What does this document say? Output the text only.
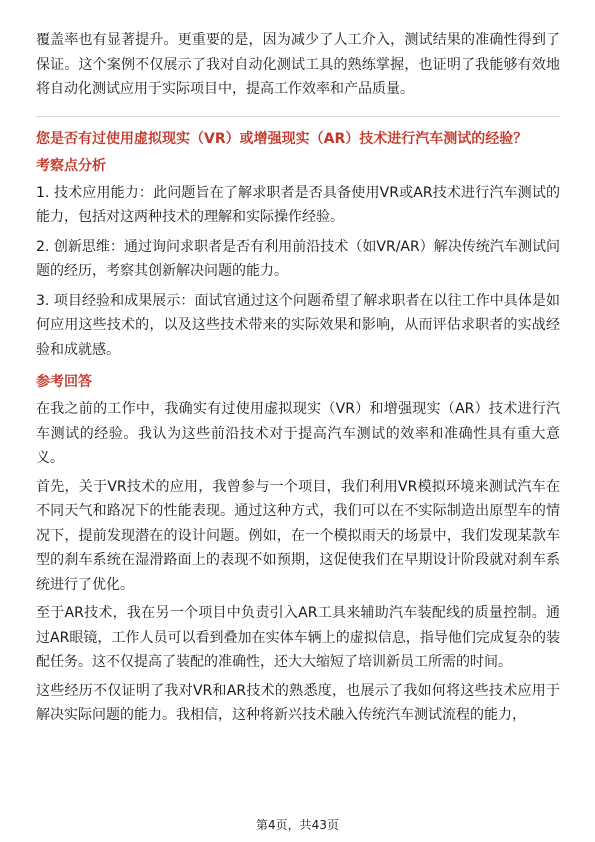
覆盖率也有显著提升。更重要的是，因为减少了人工介入，测试结果的准确性得到了保证。这个案例不仅展示了我对自动化测试工具的熟练掌握，也证明了我能够有效地将自动化测试应用于实际项目中，提高工作效率和产品质量。

您是否有过使用虚拟现实（VR）或增强现实（AR）技术进行汽车测试的经验？

考察点分析

1. 技术应用能力：此问题旨在了解求职者是否具备使用VR或AR技术进行汽车测试的能力，包括对这两种技术的理解和实际操作经验。

2. 创新思维：通过询问求职者是否有利用前沿技术（如VR/AR）解决传统汽车测试问题的经历，考察其创新解决问题的能力。

3. 项目经验和成果展示：面试官通过这个问题希望了解求职者在以往工作中具体是如何应用这些技术的，以及这些技术带来的实际效果和影响，从而评估求职者的实战经验和成就感。

参考回答

在我之前的工作中，我确实有过使用虚拟现实（VR）和增强现实（AR）技术进行汽车测试的经验。我认为这些前沿技术对于提高汽车测试的效率和准确性具有重大意义。

首先，关于VR技术的应用，我曾参与一个项目，我们利用VR模拟环境来测试汽车在不同天气和路况下的性能表现。通过这种方式，我们可以在不实际制造出原型车的情况下，提前发现潜在的设计问题。例如，在一个模拟雨天的场景中，我们发现某款车型的刹车系统在湿滑路面上的表现不如预期，这促使我们在早期设计阶段就对刹车系统进行了优化。

至于AR技术，我在另一个项目中负责引入AR工具来辅助汽车装配线的质量控制。通过AR眼镜，工作人员可以看到叠加在实体车辆上的虚拟信息，指导他们完成复杂的装配任务。这不仅提高了装配的准确性，还大大缩短了培训新员工所需的时间。

这些经历不仅证明了我对VR和AR技术的熟悉度，也展示了我如何将这些技术应用于解决实际问题的能力。我相信，这种将新兴技术融入传统汽车测试流程的能力，

第4页，共43页
